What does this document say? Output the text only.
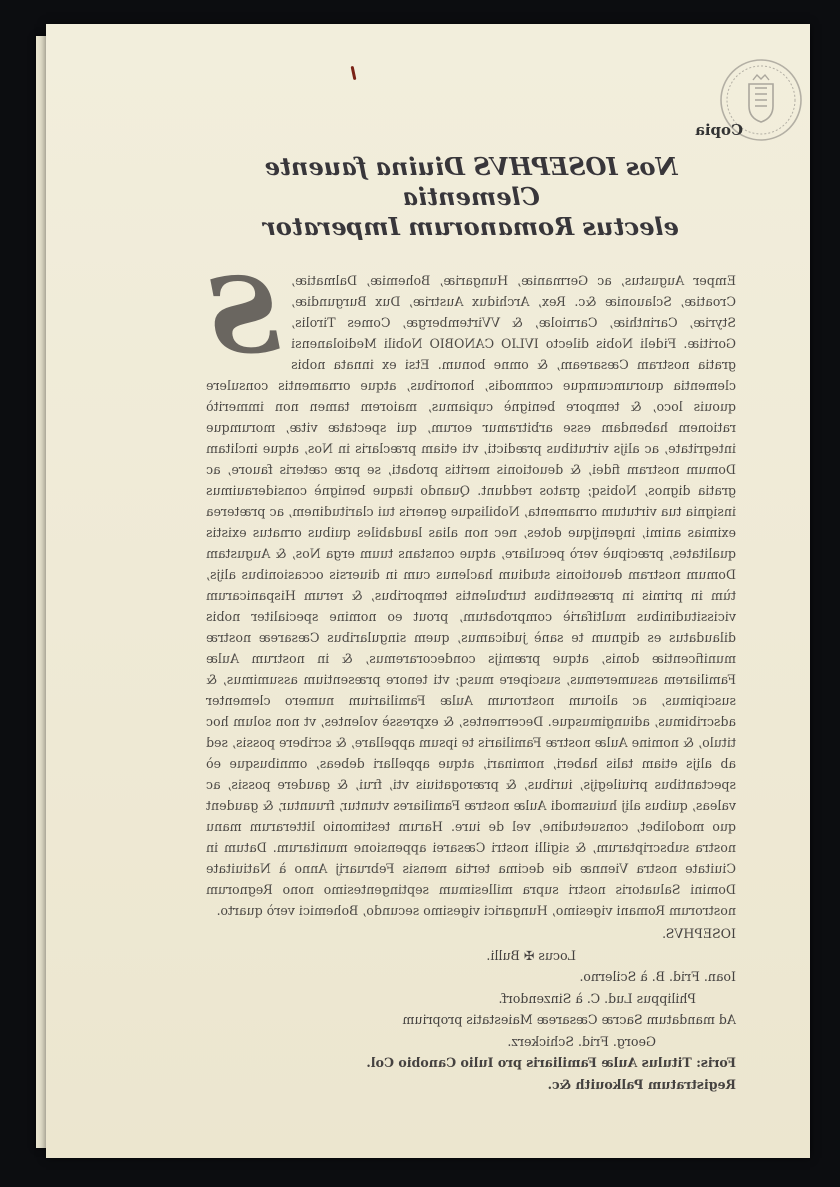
Copia

Nos IOSEPHVS Diuina fauente Clementia

electus Romanorum Imperator

S Emper Augustus, ac Germaniæ, Hungariæ, Bohemiæ, Dalmatiæ, Croatiæ, Sclauoniæ &c. Rex, Archidux Austriæ, Dux Burgundiæ, Styriæ, Carinthiæ, Carniolæ, & VVirtembergæ, Comes Tirolis, Goritiæ. Fideli Nobis dilecto IVLIO CANOBIO Nobili Mediolanensi gratia nostram Cæsaream, & omne bonum. Etsi ex innata nobis clementia quorumcumque commodis, honoribus, atque ornamentis consulere quouis loco, & tempore benignè cupiamus, maiorem tamen non immeritò rationem habendam esse arbitramur eorum, qui spectatæ vitæ, morumque integritate, ac alijs virtutibus prædicti, vti etiam præclaris in Nos, atque inclitam Domum nostram fidei, & deuotionis meritis probati, se præ cæteris fauore, ac gratia dignos, Nobisq; gratos reddunt. Quando itaque benignè considerauimus insignia tua virtutum ornamenta, Nobilisque generis tui claritudinem, ac præterea eximias animi, ingenijque dotes, nec non alias laudabiles quibus ornatus existis qualitates, præcipuè verò peculiare, atque constans tuum erga Nos, & Augustam Domum nostram deuotionis studium haclenus cum in diuersis occasionibus alijs, tùm in primis in præsentibus turbulentis temporibus, & rerum Hispanicarum vicissitudinibus multifariè comprobatum, prout eo nomine specialiter nobis dilaudatus es dignum te sanè judicamus, quem singularibus Cæsareæ nostræ munificentiæ donis, atque præmijs condecoraremus, & in nostrum Aulæ Familiarem assumeremus, suscipere musq; vti tenore præsentium assumimus, & suscipimus, ac aliorum nostrorum Aulæ Familiarium numero clementer adscribimus, adiungimusque. Decernentes, & expressè volentes, vt non solum hoc titulo, & nomine Aulæ nostræ Familiaris te ipsum appellare, & scribere possis, sed ab alijs etiam talis haberi, nominari, atque appellari debeas, omnibusque eò spectantibus priuilegijs, iuribus, & prærogatiuis vti, frui, & gaudere possis, ac valeas, quibus alij huiusmodi Aulæ nostræ Familiares vtuntur, fruuntur, & gaudent quo modolibet, consuetudine, vel de iure. Harum testimonio litterarum manu nostra subscriptarum, & sigilli nostri Cæsarei appensione munitarum. Datum in Ciuitate nostra Viennæ die decima tertia mensis Februarij Anno à Natiuitate Domini Saluatoris nostri supra millesimum septingentesimo nono Regnorum nostrorum Romani vigesimo, Hungarici vigesimo secundo, Bohemici verò quarto.

IOSEPHVS.
Locus ✠ Bulli.
Ioan. Frid. B. à Scilerno.
Philippus Lud. C. à Sinzendorf.
Ad mandatum Sacræ Cæsareæ Maiestatis proprium
Georg. Frid. Schickerz.
Foris: Titulus Aulæ Familiaris pro Iulio Canobio Col.
Registratum Palkouith &c.
